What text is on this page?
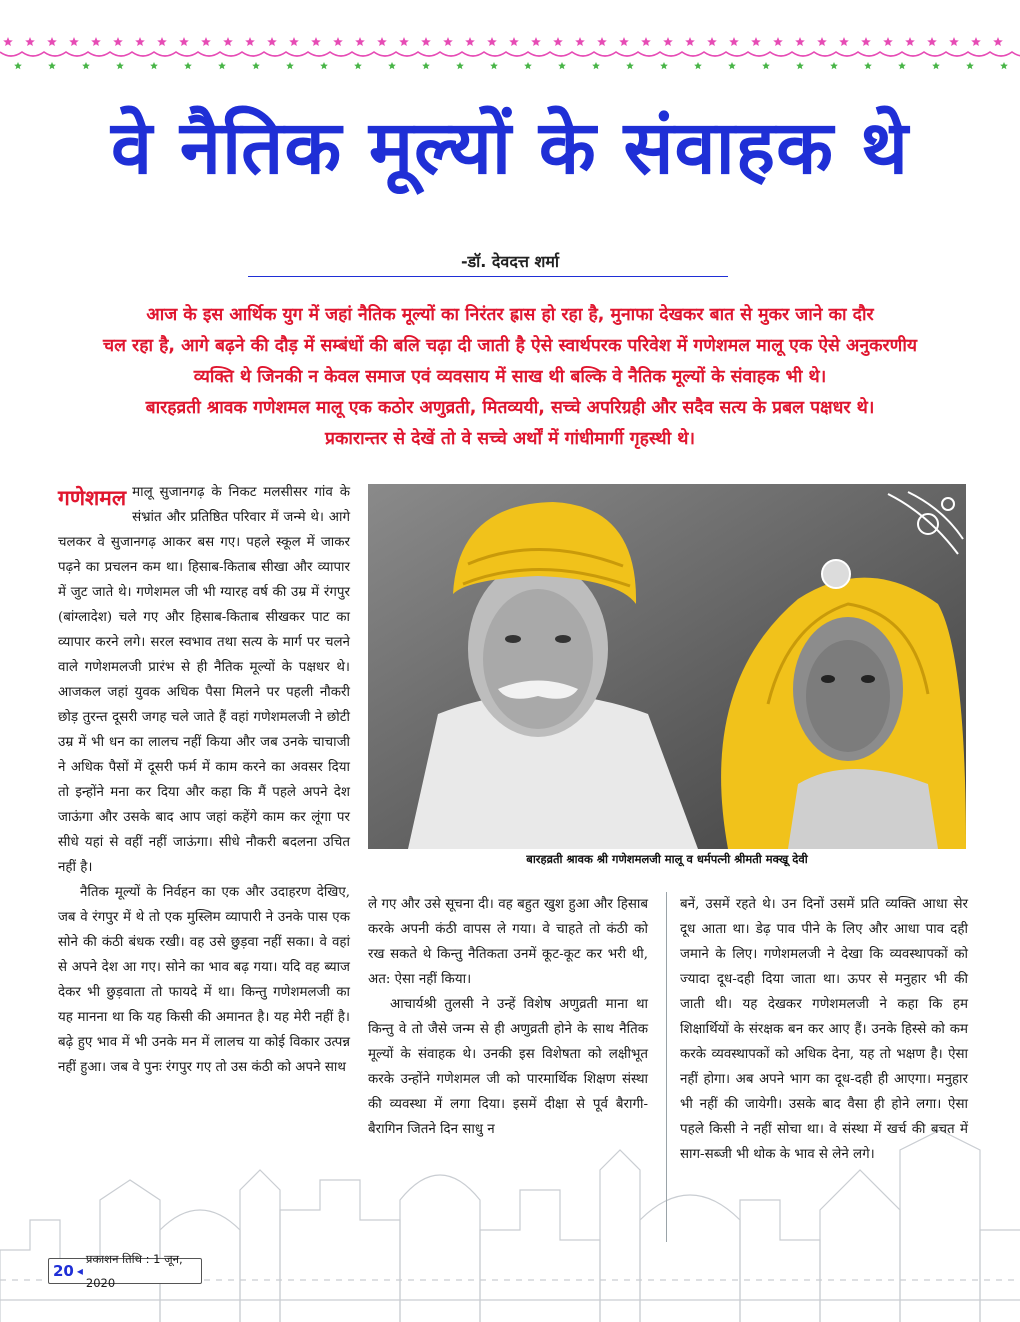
वे नैतिक मूल्यों के संवाहक थे
-डॉ. देवदत्त शर्मा
आज के इस आर्थिक युग में जहां नैतिक मूल्यों का निरंतर ह्रास हो रहा है, मुनाफा देखकर बात से मुकर जाने का दौर
चल रहा है, आगे बढ़ने की दौड़ में सम्बंधों की बलि चढ़ा दी जाती है ऐसे स्वार्थपरक परिवेश में गणेशमल मालू एक ऐसे अनुकरणीय
व्यक्ति थे जिनकी न केवल समाज एवं व्यवसाय में साख थी बल्कि वे नैतिक मूल्यों के संवाहक भी थे।
बारहव्रती श्रावक गणेशमल मालू एक कठोर अणुव्रती, मितव्ययी, सच्चे अपरिग्रही और सदैव सत्य के प्रबल पक्षधर थे।
प्रकारान्तर से देखें तो वे सच्चे अर्थों में गांधीमार्गी गृहस्थी थे।
गणेशमल मालू सुजानगढ़ के निकट मलसीसर गांव के संभ्रांत और प्रतिष्ठित परिवार में जन्मे थे। आगे चलकर वे सुजानगढ़ आकर बस गए। पहले स्कूल में जाकर पढ़ने का प्रचलन कम था। हिसाब-किताब सीखा और व्यापार में जुट जाते थे। गणेशमल जी भी ग्यारह वर्ष की उम्र में रंगपुर (बांग्लादेश) चले गए और हिसाब-किताब सीखकर पाट का व्यापार करने लगे। सरल स्वभाव तथा सत्य के मार्ग पर चलने वाले गणेशमलजी प्रारंभ से ही नैतिक मूल्यों के पक्षधर थे। आजकल जहां युवक अधिक पैसा मिलने पर पहली नौकरी छोड़ तुरन्त दूसरी जगह चले जाते हैं वहां गणेशमलजी ने छोटी उम्र में भी धन का लालच नहीं किया और जब उनके चाचाजी ने अधिक पैसों में दूसरी फर्म में काम करने का अवसर दिया तो इन्होंने मना कर दिया और कहा कि मैं पहले अपने देश जाऊंगा और उसके बाद आप जहां कहेंगे काम कर लूंगा पर सीधे यहां से वहीं नहीं जाऊंगा। सीधे नौकरी बदलना उचित नहीं है।

नैतिक मूल्यों के निर्वहन का एक और उदाहरण देखिए, जब वे रंगपुर में थे तो एक मुस्लिम व्यापारी ने उनके पास एक सोने की कंठी बंधक रखी। वह उसे छुड़वा नहीं सका। वे वहां से अपने देश आ गए। सोने का भाव बढ़ गया। यदि वह ब्याज देकर भी छुड़वाता तो फायदे में था। किन्तु गणेशमलजी का यह मानना था कि यह किसी की अमानत है। यह मेरी नहीं है। बढ़े हुए भाव में भी उनके मन में लालच या कोई विकार उत्पन्न नहीं हुआ। जब वे पुनः रंगपुर गए तो उस कंठी को अपने साथ

बारहव्रती श्रावक श्री गणेशमलजी मालू व धर्मपत्नी श्रीमती मक्खू देवी

ले गए और उसे सूचना दी। वह बहुत खुश हुआ और हिसाब करके अपनी कंठी वापस ले गया। वे चाहते तो कंठी को रख सकते थे किन्तु नैतिकता उनमें कूट-कूट कर भरी थी, अत: ऐसा नहीं किया।

आचार्यश्री तुलसी ने उन्हें विशेष अणुव्रती माना था किन्तु वे तो जैसे जन्म से ही अणुव्रती होने के साथ नैतिक मूल्यों के संवाहक थे। उनकी इस विशेषता को लक्षीभूत करके उन्होंने गणेशमल जी को पारमार्थिक शिक्षण संस्था की व्यवस्था में लगा दिया। इसमें दीक्षा से पूर्व बैरागी-बैरागिन जितने दिन साधु न

बनें, उसमें रहते थे। उन दिनों उसमें प्रति व्यक्ति आधा सेर दूध आता था। डेढ़ पाव पीने के लिए और आधा पाव दही जमाने के लिए। गणेशमलजी ने देखा कि व्यवस्थापकों को ज्यादा दूध-दही दिया जाता था। ऊपर से मनुहार भी की जाती थी। यह देखकर गणेशमलजी ने कहा कि हम शिक्षार्थियों के संरक्षक बन कर आए हैं। उनके हिस्से को कम करके व्यवस्थापकों को अधिक देना, यह तो भक्षण है। ऐसा नहीं होगा। अब अपने भाग का दूध-दही ही आएगा। मनुहार भी नहीं की जायेगी। उसके बाद वैसा ही होने लगा। ऐसा पहले किसी ने नहीं सोचा था। वे संस्था में खर्च की बचत में साग-सब्जी भी थोक के भाव से लेने लगे।

20 ◂
प्रकाशन तिथि : 1 जून, 2020
